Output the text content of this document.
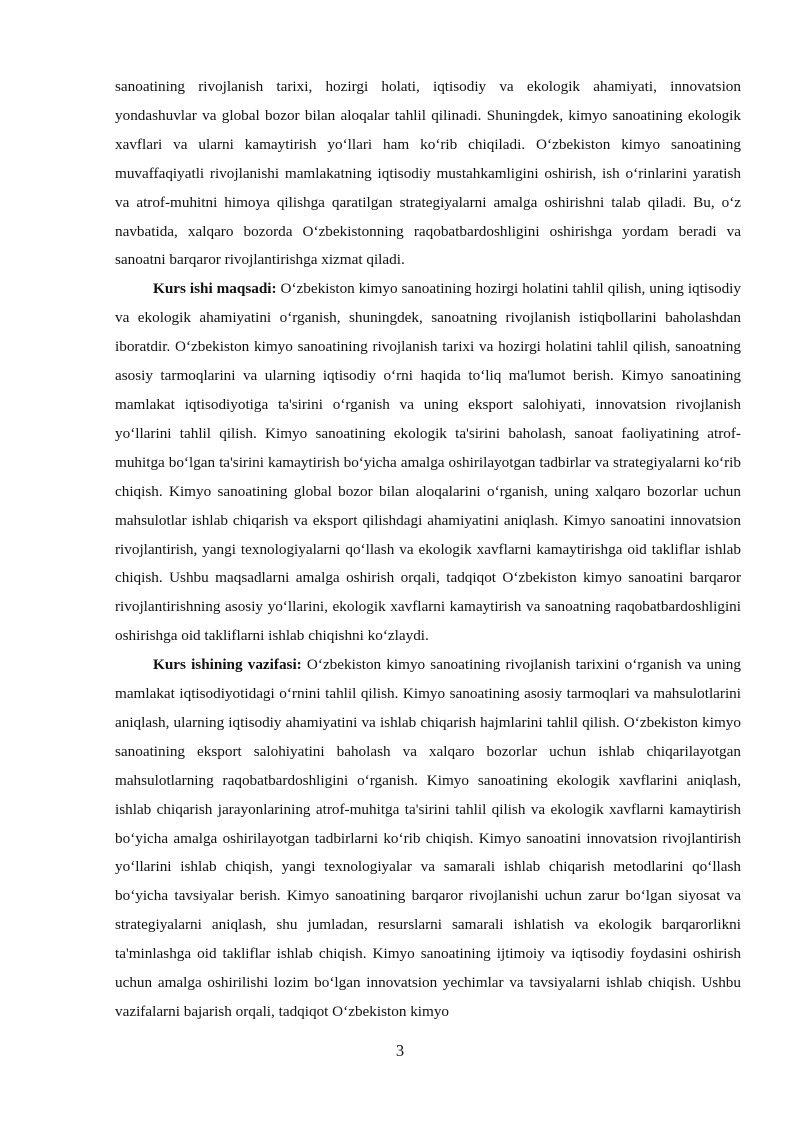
sanoatining rivojlanish tarixi, hozirgi holati, iqtisodiy va ekologik ahamiyati, innovatsion yondashuvlar va global bozor bilan aloqalar tahlil qilinadi. Shuningdek, kimyo sanoatining ekologik xavflari va ularni kamaytirish yo‘llari ham ko‘rib chiqiladi. O‘zbekiston kimyo sanoatining muvaffaqiyatli rivojlanishi mamlakatning iqtisodiy mustahkamligini oshirish, ish o‘rinlarini yaratish va atrof-muhitni himoya qilishga qaratilgan strategiyalarni amalga oshirishni talab qiladi. Bu, o‘z navbatida, xalqaro bozorda O‘zbekistonning raqobatbardoshligini oshirishga yordam beradi va sanoatni barqaror rivojlantirishga xizmat qiladi.

Kurs ishi maqsadi: O‘zbekiston kimyo sanoatining hozirgi holatini tahlil qilish, uning iqtisodiy va ekologik ahamiyatini o‘rganish, shuningdek, sanoatning rivojlanish istiqbollarini baholashdan iboratdir. O‘zbekiston kimyo sanoatining rivojlanish tarixi va hozirgi holatini tahlil qilish, sanoatning asosiy tarmoqlarini va ularning iqtisodiy o‘rni haqida to‘liq ma'lumot berish. Kimyo sanoatining mamlakat iqtisodiyotiga ta'sirini o‘rganish va uning eksport salohiyati, innovatsion rivojlanish yo‘llarini tahlil qilish. Kimyo sanoatining ekologik ta'sirini baholash, sanoat faoliyatining atrof-muhitga bo‘lgan ta'sirini kamaytirish bo‘yicha amalga oshirilayotgan tadbirlar va strategiyalarni ko‘rib chiqish. Kimyo sanoatining global bozor bilan aloqalarini o‘rganish, uning xalqaro bozorlar uchun mahsulotlar ishlab chiqarish va eksport qilishdagi ahamiyatini aniqlash. Kimyo sanoatini innovatsion rivojlantirish, yangi texnologiyalarni qo‘llash va ekologik xavflarni kamaytirishga oid takliflar ishlab chiqish. Ushbu maqsadlarni amalga oshirish orqali, tadqiqot O‘zbekiston kimyo sanoatini barqaror rivojlantirishning asosiy yo‘llarini, ekologik xavflarni kamaytirish va sanoatning raqobatbardoshligini oshirishga oid takliflarni ishlab chiqishni ko‘zlaydi.

Kurs ishining vazifasi: O‘zbekiston kimyo sanoatining rivojlanish tarixini o‘rganish va uning mamlakat iqtisodiyotidagi o‘rnini tahlil qilish. Kimyo sanoatining asosiy tarmoqlari va mahsulotlarini aniqlash, ularning iqtisodiy ahamiyatini va ishlab chiqarish hajmlarini tahlil qilish. O‘zbekiston kimyo sanoatining eksport salohiyatini baholash va xalqaro bozorlar uchun ishlab chiqarilayotgan mahsulotlarning raqobatbardoshligini o‘rganish. Kimyo sanoatining ekologik xavflarini aniqlash, ishlab chiqarish jarayonlarining atrof-muhitga ta'sirini tahlil qilish va ekologik xavflarni kamaytirish bo‘yicha amalga oshirilayotgan tadbirlarni ko‘rib chiqish. Kimyo sanoatini innovatsion rivojlantirish yo‘llarini ishlab chiqish, yangi texnologiyalar va samarali ishlab chiqarish metodlarini qo‘llash bo‘yicha tavsiyalar berish. Kimyo sanoatining barqaror rivojlanishi uchun zarur bo‘lgan siyosat va strategiyalarni aniqlash, shu jumladan, resurslarni samarali ishlatish va ekologik barqarorlikni ta'minlashga oid takliflar ishlab chiqish. Kimyo sanoatining ijtimoiy va iqtisodiy foydasini oshirish uchun amalga oshirilishi lozim bo‘lgan innovatsion yechimlar va tavsiyalarni ishlab chiqish. Ushbu vazifalarni bajarish orqali, tadqiqot O‘zbekiston kimyo

3
